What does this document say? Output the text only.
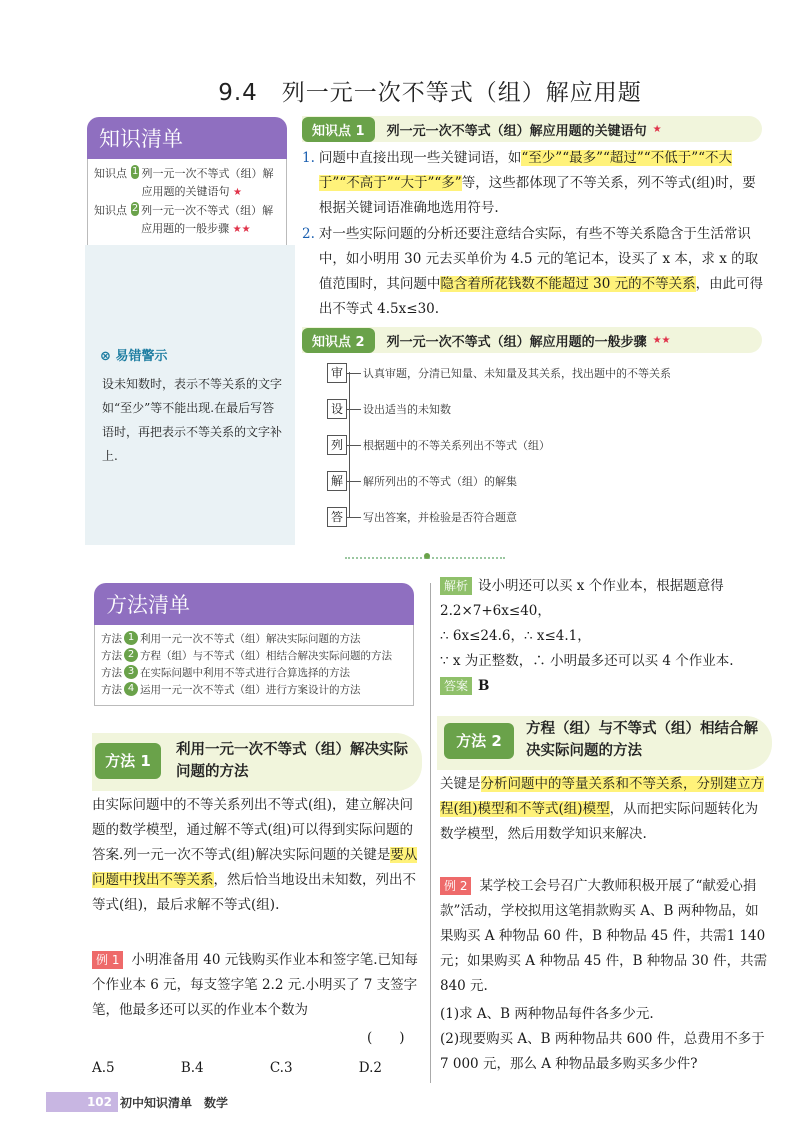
9.4　列一元一次不等式（组）解应用题
知识清单
知识点 1 列一元一次不等式（组）解应用题的关键语句 ★
知识点 2 列一元一次不等式（组）解应用题的一般步骤 ★★
⊗ 易错警示
设未知数时，表示不等关系的文字如“至少”等不能出现.在最后写答语时，再把表示不等关系的文字补上.
知识点 1	列一元一次不等式（组）解应用题的关键语句 ★
1. 问题中直接出现一些关键词语，如“至少”“最多”“超过”“不低于”“不大于”“不高于”“大于”“多”等，这些都体现了不等关系，列不等式(组)时，要根据关键词语准确地选用符号.
2. 对一些实际问题的分析还要注意结合实际，有些不等关系隐含于生活常识中，如小明用 30 元去买单价为 4.5 元的笔记本，设买了 x 本，求 x 的取值范围时，其问题中隐含着所花钱数不能超过 30 元的不等关系，由此可得出不等式 4.5x≤30.
知识点 2	列一元一次不等式（组）解应用题的一般步骤 ★★
审	认真审题，分清已知量、未知量及其关系，找出题中的不等关系
设	设出适当的未知数
列	根据题中的不等关系列出不等式（组）
解	解所列出的不等式（组）的解集
答	写出答案，并检验是否符合题意
方法清单
方法 1 利用一元一次不等式（组）解决实际问题的方法
方法 2 方程（组）与不等式（组）相结合解决实际问题的方法
方法 3 在实际问题中利用不等式进行合算选择的方法
方法 4 运用一元一次不等式（组）进行方案设计的方法
方法 1
利用一元一次不等式（组）解决实际问题的方法
由实际问题中的不等关系列出不等式(组)，建立解决问题的数学模型，通过解不等式(组)可以得到实际问题的答案.列一元一次不等式(组)解决实际问题的关键是要从问题中找出不等关系，然后恰当地设出未知数，列出不等式(组)，最后求解不等式(组).
例 1 小明准备用 40 元钱购买作业本和签字笔.已知每个作业本 6 元，每支签字笔 2.2 元.小明买了 7 支签字笔，他最多还可以买的作业本个数为
(　　)
A.5	B.4	C.3	D.2
解析 设小明还可以买 x 个作业本，根据题意得
2.2×7+6x≤40，
∴ 6x≤24.6，∴ x≤4.1，
∵ x 为正整数，∴ 小明最多还可以买 4 个作业本.
答案 B
方法 2
方程（组）与不等式（组）相结合解决实际问题的方法
关键是分析问题中的等量关系和不等关系，分别建立方程(组)模型和不等式(组)模型，从而把实际问题转化为数学模型，然后用数学知识来解决.
例 2 某学校工会号召广大教师积极开展了“献爱心捐款”活动，学校拟用这笔捐款购买 A、B 两种物品，如果购买 A 种物品 60 件，B 种物品 45 件，共需1 140 元；如果购买 A 种物品 45 件，B 种物品 30 件，共需 840 元.
(1)求 A、B 两种物品每件各多少元.
(2)现要购买 A、B 两种物品共 600 件，总费用不多于 7 000 元，那么 A 种物品最多购买多少件?
102 初中知识清单　数学
